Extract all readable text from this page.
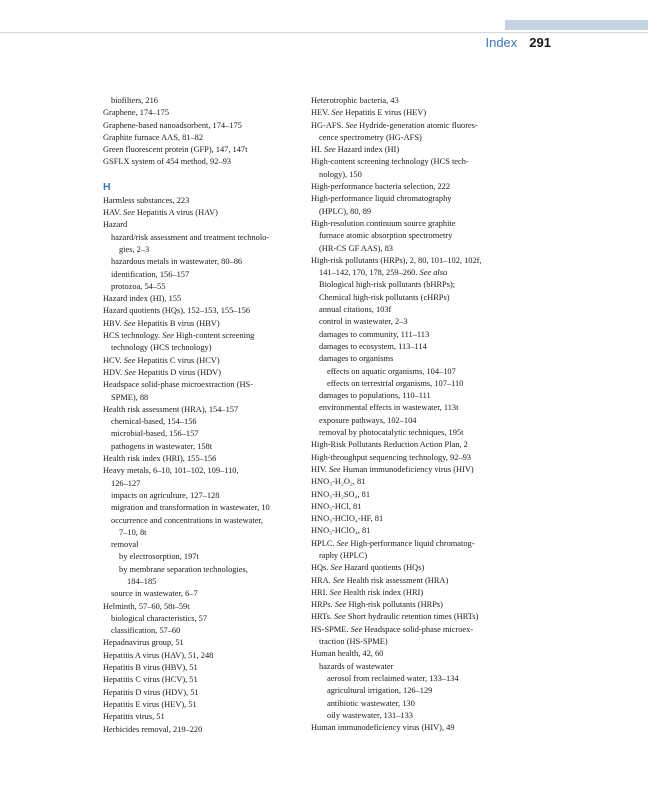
Index 291
biofilters, 216
Graphene, 174–175
Graphene-based nanoadsorbent, 174–175
Graphite furnace AAS, 81–82
Green fluorescent protein (GFP), 147, 147t
GSFLX system of 454 method, 92–93
H
Harmless substances, 223
HAV. See Hepatitis A virus (HAV)
Hazard
hazard/risk assessment and treatment technolo-
gies, 2–3
hazardous metals in wastewater, 80–86
identification, 156–157
protozoa, 54–55
Hazard index (HI), 155
Hazard quotients (HQs), 152–153, 155–156
HBV. See Hepatitis B virus (HBV)
HCS technology. See High-content screening
technology (HCS technology)
HCV. See Hepatitis C virus (HCV)
HDV. See Hepatitis D virus (HDV)
Headspace solid-phase microextraction (HS-
SPME), 88
Health risk assessment (HRA), 154–157
chemical-based, 154–156
microbial-based, 156–157
pathogens in wastewater, 158t
Health risk index (HRI), 155–156
Heavy metals, 6–10, 101–102, 109–110,
126–127
impacts on agriculture, 127–128
migration and transformation in wastewater, 10
occurrence and concentrations in wastewater,
7–10, 8t
removal
by electrosorption, 197t
by membrane separation technologies,
184–185
source in wastewater, 6–7
Helminth, 57–60, 58t–59t
biological characteristics, 57
classification, 57–60
Hepadnavirus group, 51
Hepatitis A virus (HAV), 51, 248
Hepatitis B virus (HBV), 51
Hepatitis C virus (HCV), 51
Hepatitis D virus (HDV), 51
Hepatitis E virus (HEV), 51
Hepatitis virus, 51
Herbicides removal, 219–220
Heterotrophic bacteria, 43
HEV. See Hepatitis E virus (HEV)
HG-AFS. See Hydride-generation atomic fluores-
cence spectrometry (HG-AFS)
HI. See Hazard index (HI)
High-content screening technology (HCS tech-
nology), 150
High-performance bacteria selection, 222
High-performance liquid chromatography
(HPLC), 80, 89
High-resolution continuum source graphite
furnace atomic absorption spectrometry
(HR-CS GF AAS), 83
High-risk pollutants (HRPs), 2, 80, 101–102, 102f,
141–142, 170, 178, 259–260. See also
Biological high-risk pollutants (bHRPs);
Chemical high-risk pollutants (cHRPs)
annual citations, 103f
control in wastewater, 2–3
damages to community, 111–113
damages to ecosystem, 113–114
damages to organisms
effects on aquatic organisms, 104–107
effects on terrestrial organisms, 107–110
damages to populations, 110–111
environmental effects in wastewater, 113t
exposure pathways, 102–104
removal by photocatalytic techniques, 195t
High-Risk Pollutants Reduction Action Plan, 2
High-throughput sequencing technology, 92–93
HIV. See Human immunodeficiency virus (HIV)
HNO₃-H₂O₂, 81
HNO₃-H₂SO₄, 81
HNO₃-HCl, 81
HNO₃-HClO₄-HF, 81
HNO₃-HClO₄, 81
HPLC. See High-performance liquid chromatog-
raphy (HPLC)
HQs. See Hazard quotients (HQs)
HRA. See Health risk assessment (HRA)
HRI. See Health risk index (HRI)
HRPs. See High-risk pollutants (HRPs)
HRTs. See Short hydraulic retention times (HRTs)
HS-SPME. See Headspace solid-phase microex-
traction (HS-SPME)
Human health, 42, 60
hazards of wastewater
aerosol from reclaimed water, 133–134
agricultural irrigation, 126–129
antibiotic wastewater, 130
oily wastewater, 131–133
Human immunodeficiency virus (HIV), 49
